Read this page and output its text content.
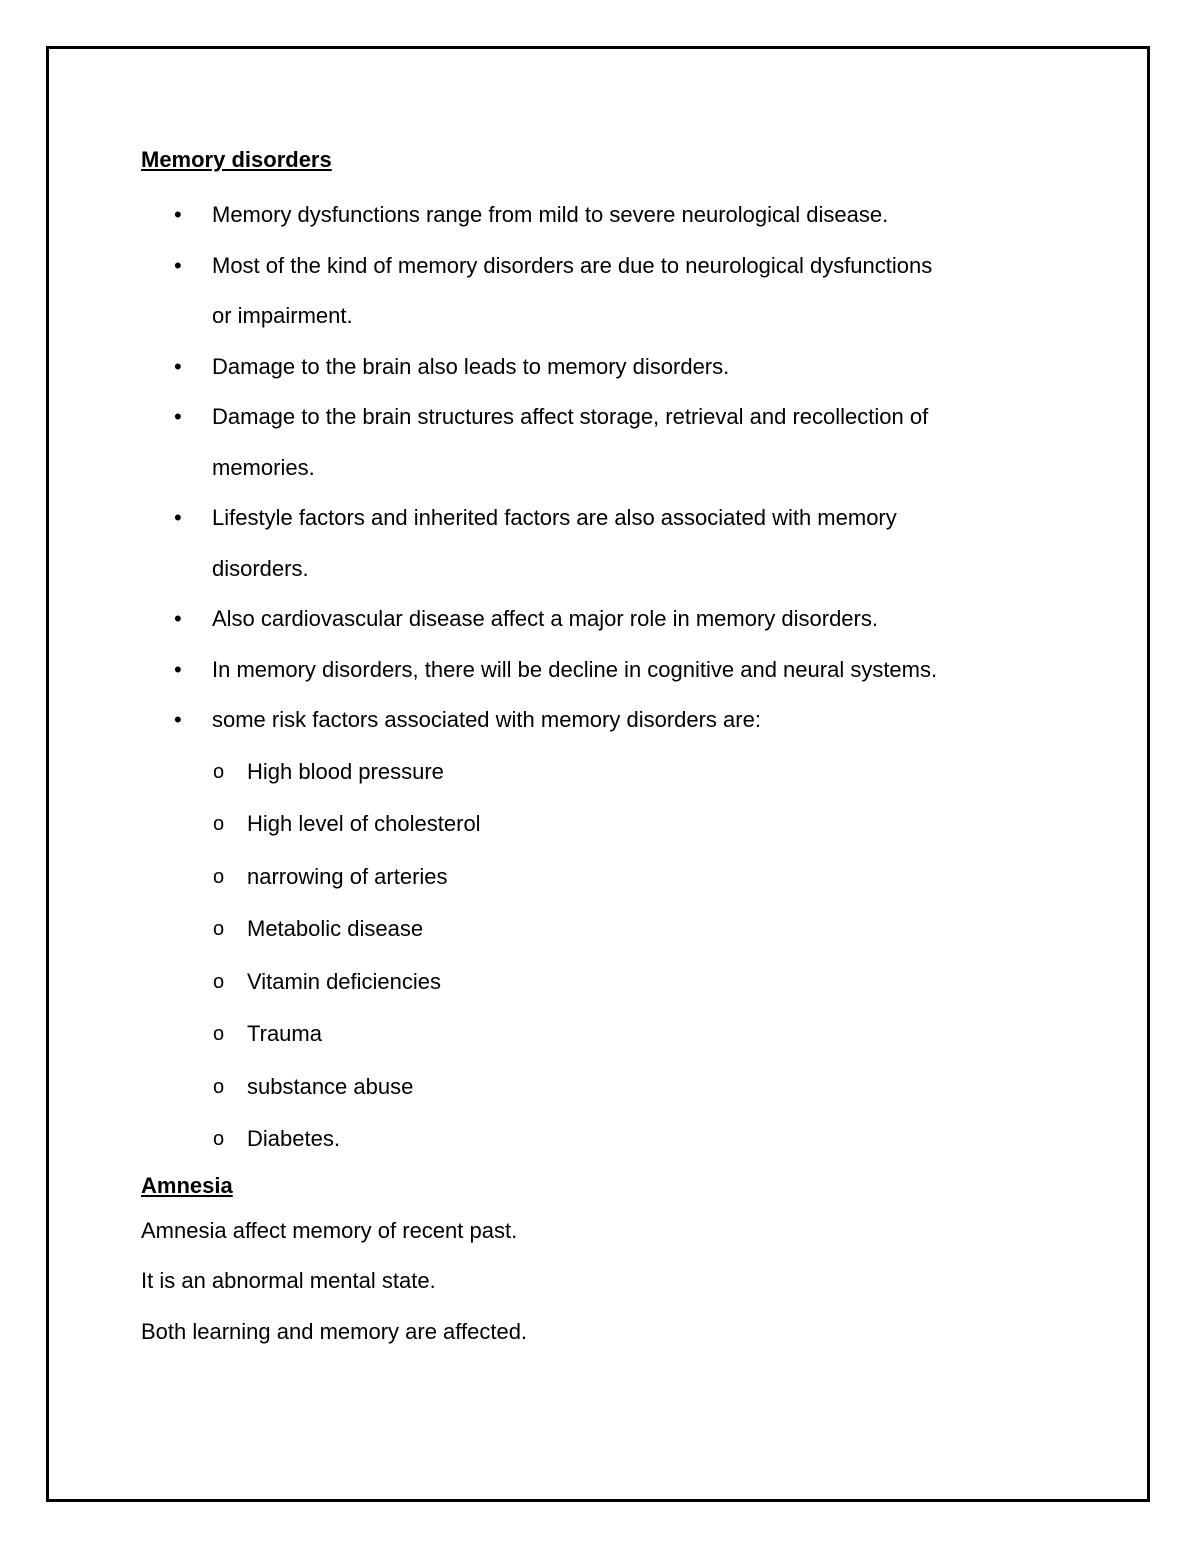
Memory disorders

• Memory dysfunctions range from mild to severe neurological disease.
• Most of the kind of memory disorders are due to neurological dysfunctions
or impairment.
• Damage to the brain also leads to memory disorders.
• Damage to the brain structures affect storage, retrieval and recollection of
memories.
• Lifestyle factors and inherited factors are also associated with memory
disorders.
• Also cardiovascular disease affect a major role in memory disorders.
• In memory disorders, there will be decline in cognitive and neural systems.
• some risk factors associated with memory disorders are:
o High blood pressure
o High level of cholesterol
o narrowing of arteries
o Metabolic disease
o Vitamin deficiencies
o Trauma
o substance abuse
o Diabetes.

Amnesia

Amnesia affect memory of recent past.

It is an abnormal mental state.

Both learning and memory are affected.
